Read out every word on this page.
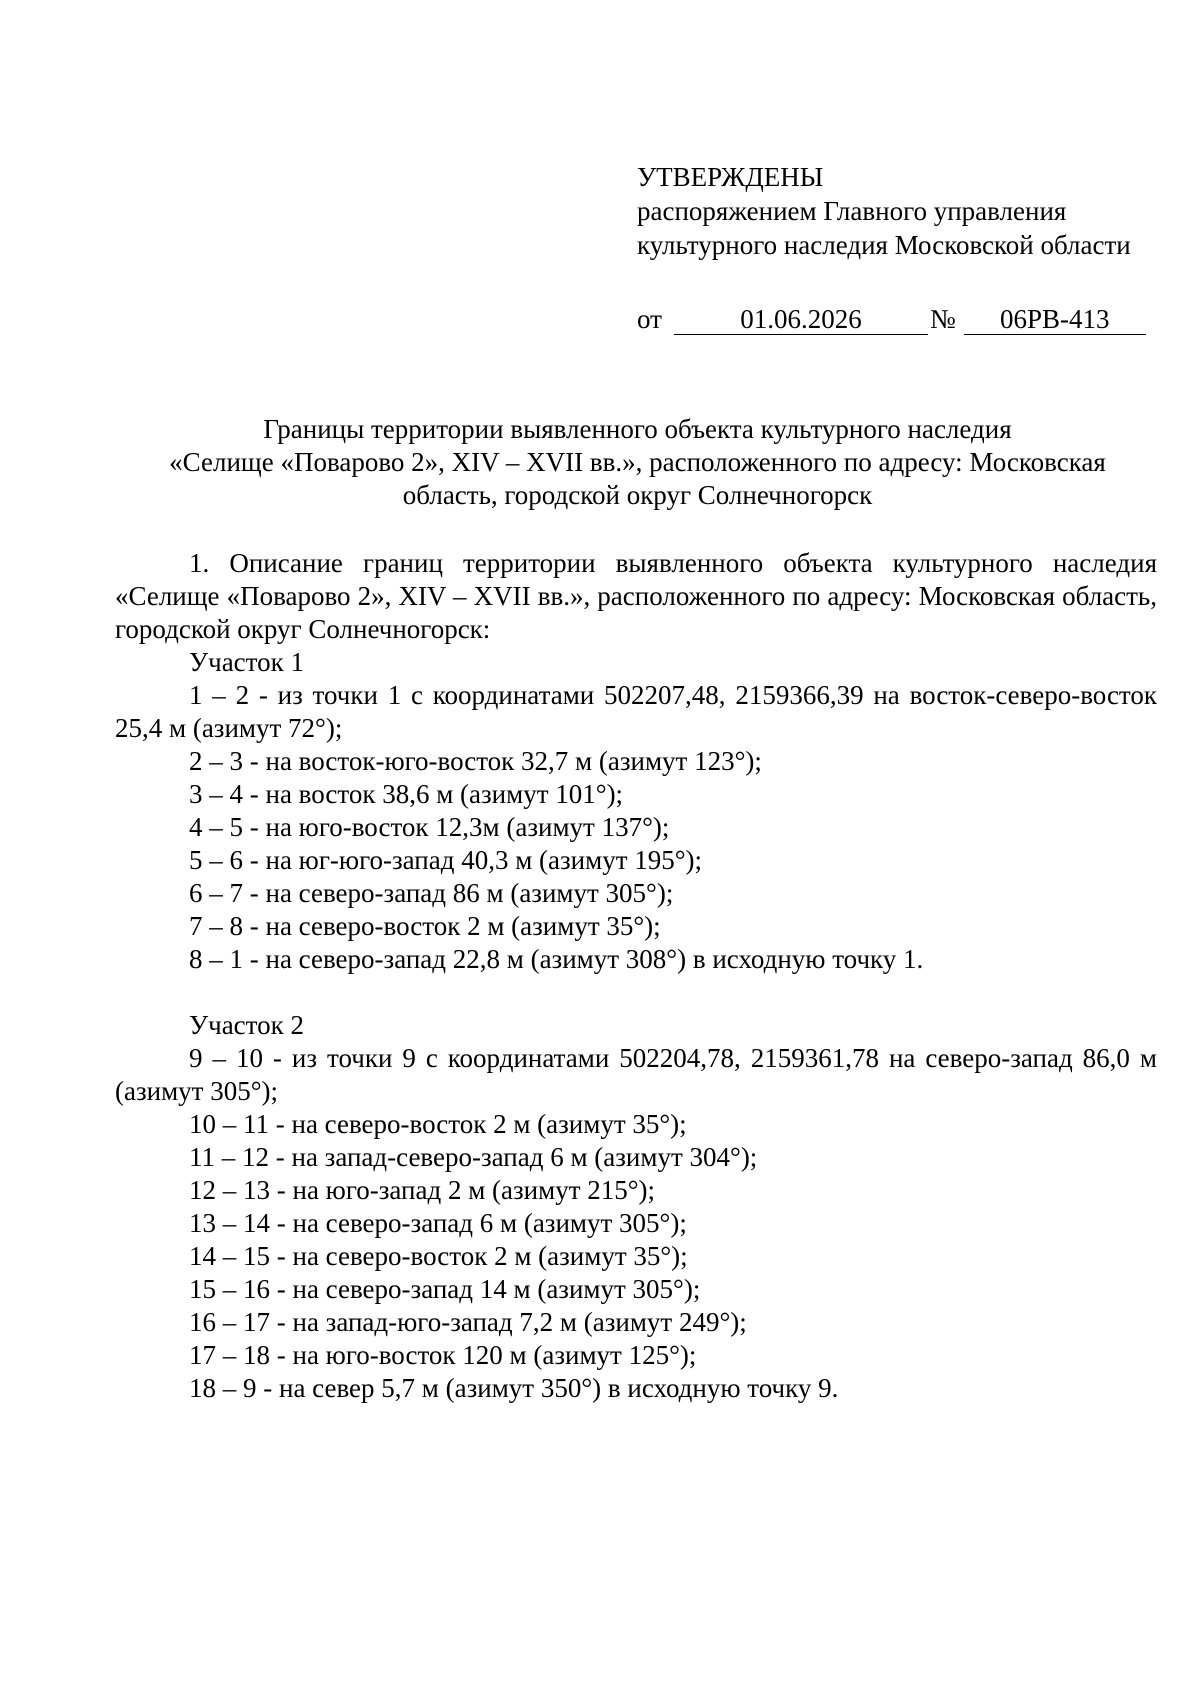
УТВЕРЖДЕНЫ
распоряжением Главного управления
культурного наследия Московской области
от	01.06.2026	№	06РВ-413
Границы территории выявленного объекта культурного наследия
«Селище «Поварово 2», XIV – XVII вв.», расположенного по адресу: Московская
область, городской округ Солнечногорск

1. Описание границ территории выявленного объекта культурного наследия «Селище «Поварово 2», XIV – XVII вв.», расположенного по адресу: Московская область, городской округ Солнечногорск:

Участок 1

1 – 2 - из точки 1 с координатами 502207,48, 2159366,39 на восток-северо-восток 25,4 м (азимут 72°);

2 – 3 - на восток-юго-восток 32,7 м (азимут 123°);

3 – 4 - на восток 38,6 м (азимут 101°);

4 – 5 - на юго-восток 12,3м (азимут 137°);

5 – 6 - на юг-юго-запад 40,3 м (азимут 195°);

6 – 7 - на северо-запад 86 м (азимут 305°);

7 – 8 - на северо-восток 2 м (азимут 35°);

8 – 1 - на северо-запад 22,8 м (азимут 308°) в исходную точку 1.

Участок 2

9 – 10 - из точки 9 с координатами 502204,78, 2159361,78 на северо-запад 86,0 м (азимут 305°);

10 – 11 - на северо-восток 2 м (азимут 35°);

11 – 12 - на запад-северо-запад 6 м (азимут 304°);

12 – 13 - на юго-запад 2 м (азимут 215°);

13 – 14 - на северо-запад 6 м (азимут 305°);

14 – 15 - на северо-восток 2 м (азимут 35°);

15 – 16 - на северо-запад 14 м (азимут 305°);

16 – 17 - на запад-юго-запад 7,2 м (азимут 249°);

17 – 18 - на юго-восток 120 м (азимут 125°);

18 – 9 - на север 5,7 м (азимут 350°) в исходную точку 9.
